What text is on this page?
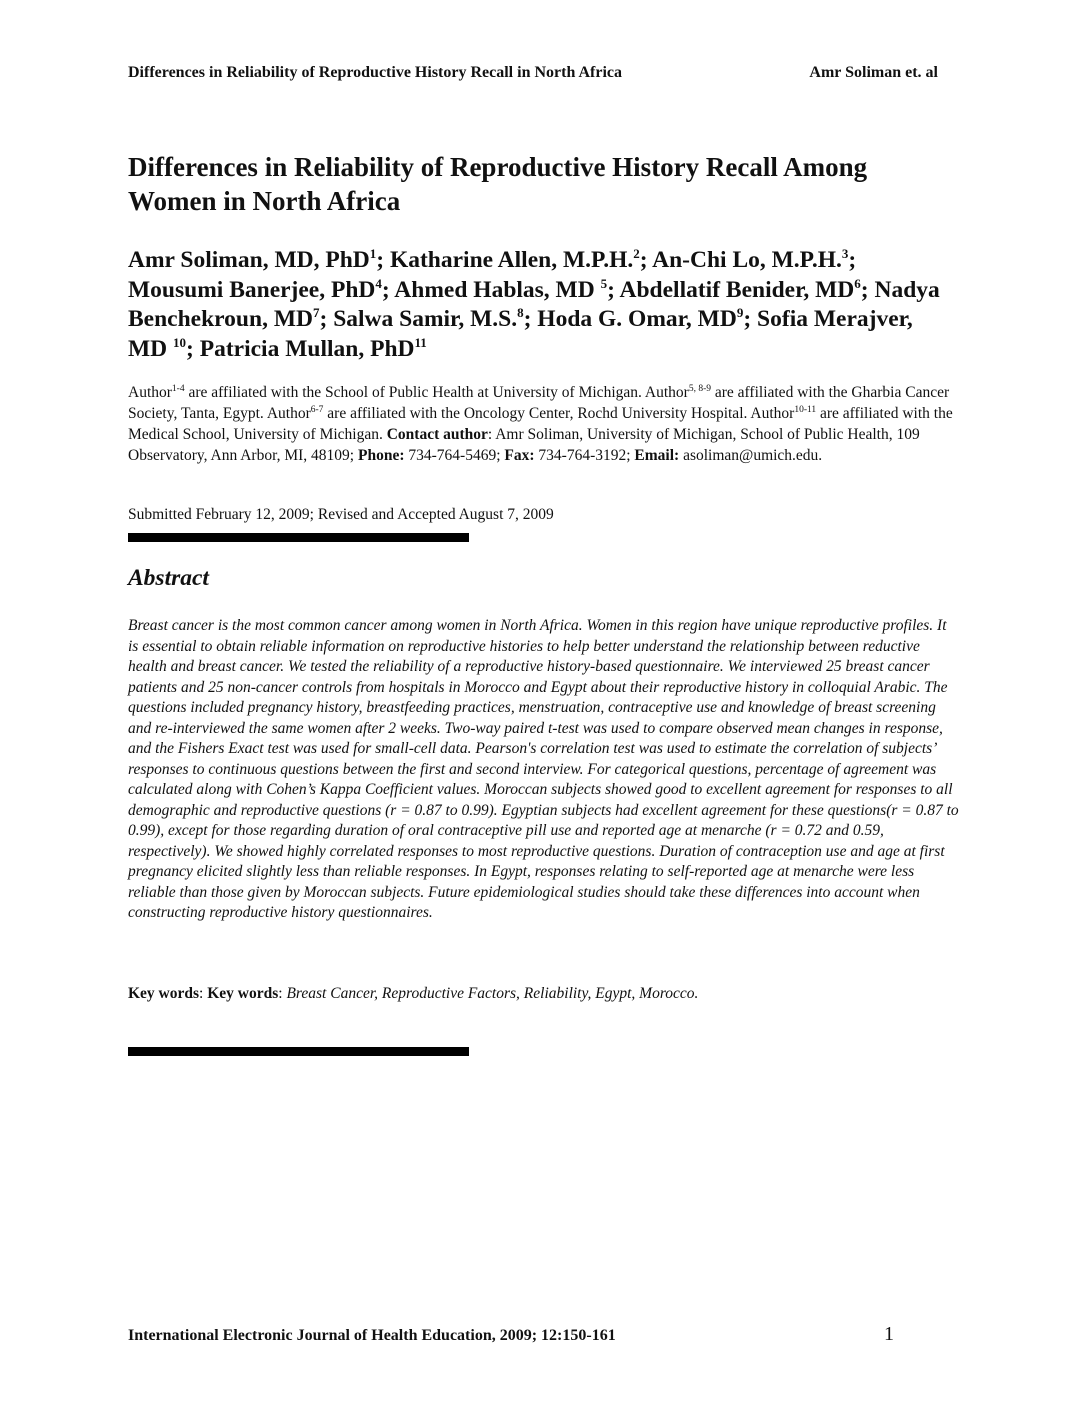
Differences in Reliability of Reproductive History Recall in North Africa	Amr Soliman et. al
Differences in Reliability of Reproductive History Recall Among Women in North Africa

Amr Soliman, MD, PhD$^1$; Katharine Allen, M.P.H.$^2$; An-Chi Lo, M.P.H.$^3$; Mousumi Banerjee, PhD$^4$; Ahmed Hablas, MD $^5$; Abdellatif Benider, $MD^6$; Nadya Benchekroun, $MD^7$; Salwa Samir, M.S.$^8$; Hoda G. Omar, $MD^9$; Sofia Merajver, MD $^{10}$; Patricia Mullan, PhD$^{11}$

Author$^{1-4}$ are affiliated with the School of Public Health at University of Michigan. Author$^{5, 8-9}$ are affiliated with the Gharbia Cancer Society, Tanta, Egypt. Author$^{6-7}$ are affiliated with the Oncology Center, Rochd University Hospital. Author$^{10-11}$ are affiliated with the Medical School, University of Michigan. Contact author: Amr Soliman, University of Michigan, School of Public Health, 109 Observatory, Ann Arbor, MI, 48109; Phone: 734-764-5469; Fax: 734-764-3192; Email: asoliman@umich.edu.

Submitted February 12, 2009; Revised and Accepted August 7, 2009

Abstract

Breast cancer is the most common cancer among women in North Africa. Women in this region have unique reproductive profiles. It is essential to obtain reliable information on reproductive histories to help better understand the relationship between reductive health and breast cancer. We tested the reliability of a reproductive history-based questionnaire. We interviewed 25 breast cancer patients and 25 non-cancer controls from hospitals in Morocco and Egypt about their reproductive history in colloquial Arabic. The questions included pregnancy history, breastfeeding practices, menstruation, contraceptive use and knowledge of breast screening and re-interviewed the same women after 2 weeks. Two-way paired t-test was used to compare observed mean changes in response, and the Fishers Exact test was used for small-cell data. Pearson's correlation test was used to estimate the correlation of subjects’ responses to continuous questions between the first and second interview. For categorical questions, percentage of agreement was calculated along with Cohen’s Kappa Coefficient values. Moroccan subjects showed good to excellent agreement for responses to all demographic and reproductive questions (r = 0.87 to 0.99). Egyptian subjects had excellent agreement for these questions(r = 0.87 to 0.99), except for those regarding duration of oral contraceptive pill use and reported age at menarche (r = 0.72 and 0.59, respectively). We showed highly correlated responses to most reproductive questions. Duration of contraception use and age at first pregnancy elicited slightly less than reliable responses. In Egypt, responses relating to self-reported age at menarche were less reliable than those given by Moroccan subjects. Future epidemiological studies should take these differences into account when constructing reproductive history questionnaires.

Key words: Key words: Breast Cancer, Reproductive Factors, Reliability, Egypt, Morocco.

International Electronic Journal of Health Education, 2009; 12:150-161	1
